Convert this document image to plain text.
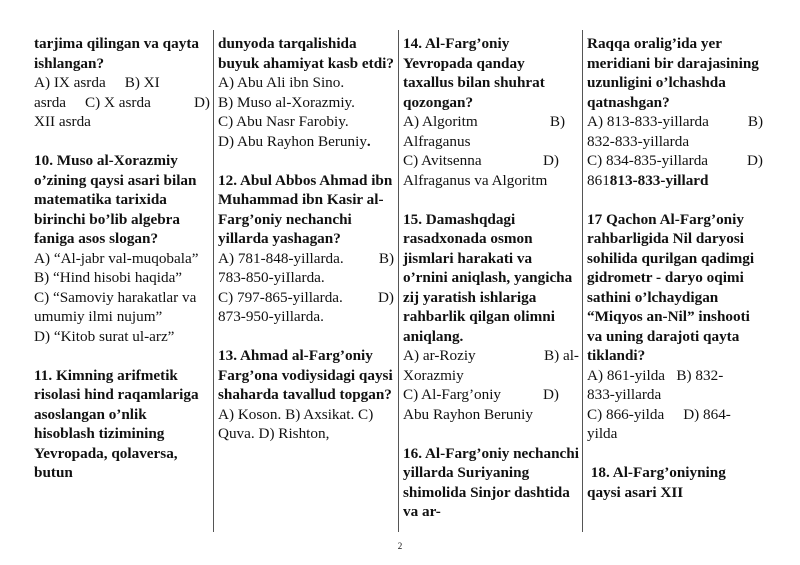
tarjima qilingan va qayta ishlangan?
A) IX asrda B) XI
asrda C) X asrda	D)
XII asrda
10. Muso al-Xorazmiy o’zining qaysi asari bilan matematika tarixida birinchi bo’lib algebra faniga asos slogan?
A) “Al-jabr val-muqobala” B) “Hind hisobi haqida”
C) “Samoviy harakatlar va umumiy ilmi nujum”
D) “Kitob surat ul-arz”
11. Kimning arifmetik risolasi hind raqamlariga asoslangan o’nlik hisoblash tizimining Yevropada, qolaversa, butun
dunyoda tarqalishida buyuk ahamiyat kasb etdi?
A) Abu Ali ibn Sino.
B) Muso al-Xorazmiy.
C) Abu Nasr Farobiy.
D) Abu Rayhon Beruniy.
12. Abul Abbos Ahmad ibn Muhammad ibn Kasir al- Farg’oniy nechanchi yillarda yashagan?
A) 781-848-yillarda. B)
783-850-yiIlarda.
C) 797-865-yillarda. D)
873-950-yillarda.
13. Ahmad al-Farg’oniy Farg’ona vodiysidagi qaysi shaharda tavallud topgan?
A) Koson. B) Axsikat. C) Quva. D) Rishton,
14. Al-Farg’oniy Yevropada qanday taxallus bilan shuhrat qozongan?
A) Algoritm	B)
Alfraganus
C) Avitsenna	D)
Alfraganus va Algoritm
15. Damashqdagi rasadxonada osmon jismlari harakati va o’rnini aniqlash, yangicha zij yaratish ishlariga rahbarlik qilgan olimni aniqlang.
A) ar-Roziy	B) al-
Xorazmiy
C) Al-Farg’oniy	D)
Abu Rayhon Beruniy
16. Al-Farg’oniy nechanchi yillarda Suriyaning shimolida Sinjor dashtida va ar-
Raqqa oralig’ida yer meridiani bir darajasining uzunligini o’lchashda qatnashgan?
A) 813-833-yillarda	B)
832-833-yillarda
C) 834-835-yillarda	D)
861813-833-yillard
17 Qachon Al-Farg’oniy rahbarligida Nil daryosi sohilida qurilgan qadimgi gidrometr - daryo oqimi sathini o’lchaydigan “Miqyos an-Nil” inshooti va uning darajoti qayta tiklandi?
A) 861-yilda B) 832-
833-yillarda
C) 866-yilda D) 864-
yilda
18. Al-Farg’oniyning qaysi asari XII
2
